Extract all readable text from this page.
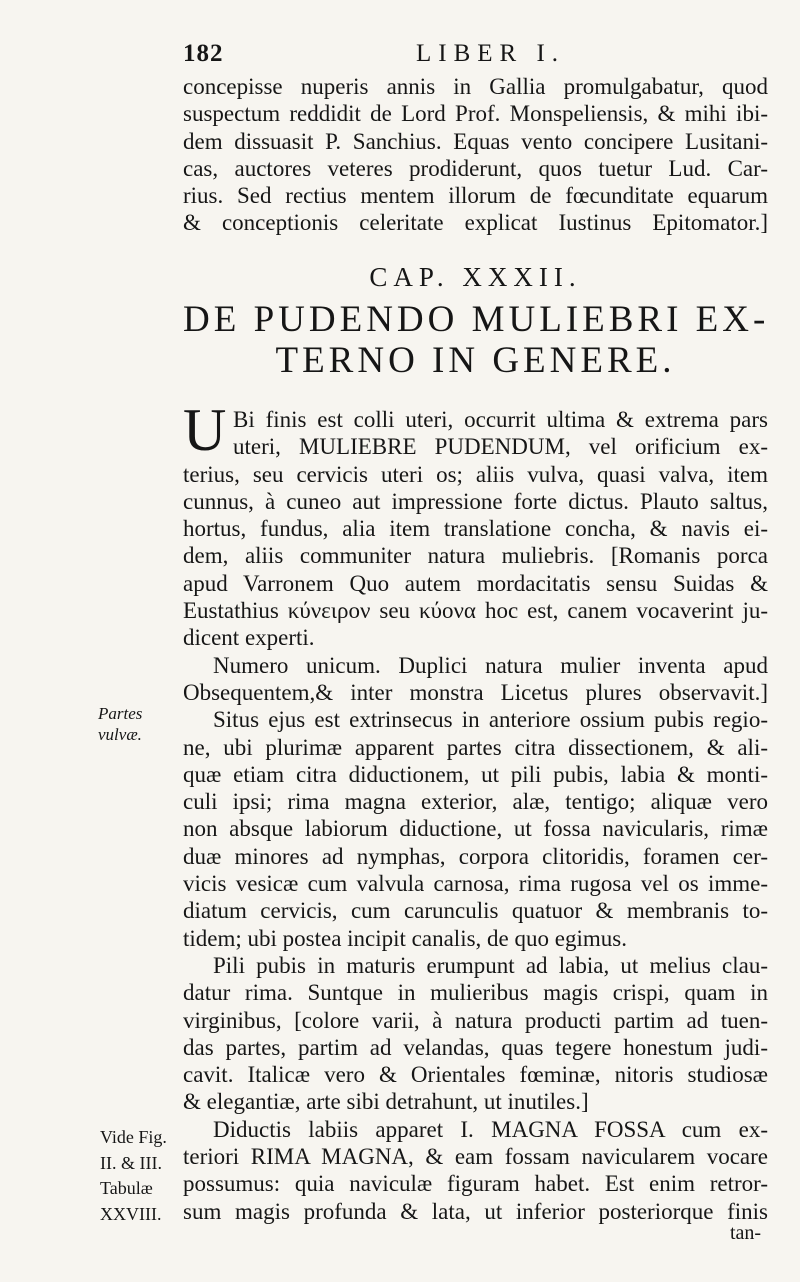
182	LIBER I.
concepisse nuperis annis in Gallia promulgabatur, quod
suspectum reddidit de Lord Prof. Monspeliensis, & mihi ibi-
dem dissuasit P. Sanchius. Equas vento concipere Lusitani-
cas, auctores veteres prodiderunt, quos tuetur Lud. Car-
rius. Sed rectius mentem illorum de fœcunditate equarum
& conceptionis celeritate explicat Iustinus Epitomator.]
CAP. XXXII.
DE PUDENDO MULIEBRI EX-
TERNO IN GENERE.
U Bi finis est colli uteri, occurrit ultima & extrema pars
uteri, MULIEBRE PUDENDUM, vel orificium ex-
terius, seu cervicis uteri os; aliis vulva, quasi valva, item
cunnus, à cuneo aut impressione forte dictus. Plauto saltus,
hortus, fundus, alia item translatione concha, & navis ei-
dem, aliis communiter natura muliebris. [Romanis porca
apud Varronem Quo autem mordacitatis sensu Suidas &
Eustathius κύνειρον seu κύονα hoc est, canem vocaverint ju-
dicent experti.
Numero unicum. Duplici natura mulier inventa apud
Obsequentem,& inter monstra Licetus plures observavit.]
Situs ejus est extrinsecus in anteriore ossium pubis regio-
ne, ubi plurimæ apparent partes citra dissectionem, & ali-
quæ etiam citra diductionem, ut pili pubis, labia & monti-
culi ipsi; rima magna exterior, alæ, tentigo; aliquæ vero
non absque labiorum diductione, ut fossa navicularis, rimæ
duæ minores ad nymphas, corpora clitoridis, foramen cer-
vicis vesicæ cum valvula carnosa, rima rugosa vel os imme-
diatum cervicis, cum carunculis quatuor & membranis to-
tidem; ubi postea incipit canalis, de quo egimus.
Pili pubis in maturis erumpunt ad labia, ut melius clau-
datur rima. Suntque in mulieribus magis crispi, quam in
virginibus, [colore varii, à natura producti partim ad tuen-
das partes, partim ad velandas, quas tegere honestum judi-
cavit. Italicæ vero & Orientales fœminæ, nitoris studiosæ
& elegantiæ, arte sibi detrahunt, ut inutiles.]
Diductis labiis apparet I. MAGNA FOSSA cum ex-
teriori RIMA MAGNA, & eam fossam navicularem vocare
possumus: quia naviculæ figuram habet. Est enim retror-
sum magis profunda & lata, ut inferior posteriorque finis
Partes
vulvæ.
Vide Fig.
II. & III.
Tabulæ
XXVIII.
tan-
